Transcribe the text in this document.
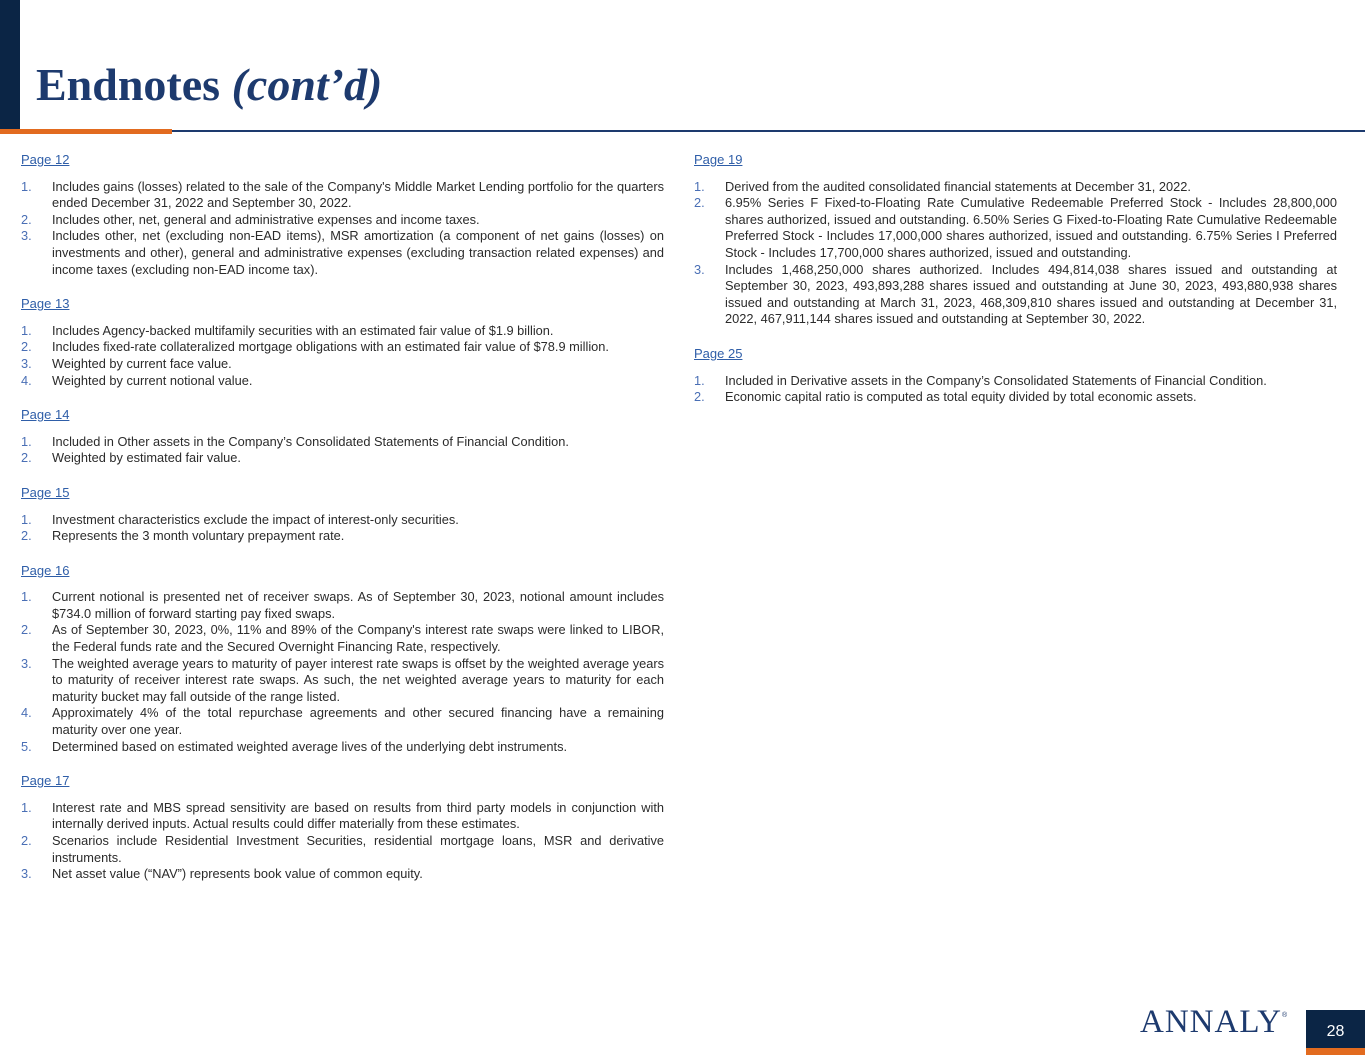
Endnotes (cont’d)
Page 12
1.	Includes gains (losses) related to the sale of the Company's Middle Market Lending portfolio for the quarters ended December 31, 2022 and September 30, 2022.
2.	Includes other, net, general and administrative expenses and income taxes.
3.	Includes other, net (excluding non-EAD items), MSR amortization (a component of net gains (losses) on investments and other), general and administrative expenses (excluding transaction related expenses) and income taxes (excluding non-EAD income tax).
Page 13
1.	Includes Agency-backed multifamily securities with an estimated fair value of $1.9 billion.
2.	Includes fixed-rate collateralized mortgage obligations with an estimated fair value of $78.9 million.
3.	Weighted by current face value.
4.	Weighted by current notional value.
Page 14
1.	Included in Other assets in the Company’s Consolidated Statements of Financial Condition.
2.	Weighted by estimated fair value.
Page 15
1.	Investment characteristics exclude the impact of interest-only securities.
2.	Represents the 3 month voluntary prepayment rate.
Page 16
1.	Current notional is presented net of receiver swaps. As of September 30, 2023, notional amount includes $734.0 million of forward starting pay fixed swaps.
2.	As of September 30, 2023, 0%, 11% and 89% of the Company's interest rate swaps were linked to LIBOR, the Federal funds rate and the Secured Overnight Financing Rate, respectively.
3.	The weighted average years to maturity of payer interest rate swaps is offset by the weighted average years to maturity of receiver interest rate swaps. As such, the net weighted average years to maturity for each maturity bucket may fall outside of the range listed.
4.	Approximately 4% of the total repurchase agreements and other secured financing have a remaining maturity over one year.
5.	Determined based on estimated weighted average lives of the underlying debt instruments.
Page 17
1.	Interest rate and MBS spread sensitivity are based on results from third party models in conjunction with internally derived inputs. Actual results could differ materially from these estimates.
2.	Scenarios include Residential Investment Securities, residential mortgage loans, MSR and derivative instruments.
3.	Net asset value (“NAV”) represents book value of common equity.
Page 19
1.	Derived from the audited consolidated financial statements at December 31, 2022.
2.	6.95% Series F Fixed-to-Floating Rate Cumulative Redeemable Preferred Stock - Includes 28,800,000 shares authorized, issued and outstanding. 6.50% Series G Fixed-to-Floating Rate Cumulative Redeemable Preferred Stock - Includes 17,000,000 shares authorized, issued and outstanding. 6.75% Series I Preferred Stock - Includes 17,700,000 shares authorized, issued and outstanding.
3.	Includes 1,468,250,000 shares authorized. Includes 494,814,038 shares issued and outstanding at September 30, 2023, 493,893,288 shares issued and outstanding at June 30, 2023, 493,880,938 shares issued and outstanding at March 31, 2023, 468,309,810 shares issued and outstanding at December 31, 2022, 467,911,144 shares issued and outstanding at September 30, 2022.
Page 25
1.	Included in Derivative assets in the Company’s Consolidated Statements of Financial Condition.
2.	Economic capital ratio is computed as total equity divided by total economic assets.
ANNALY ®
28
